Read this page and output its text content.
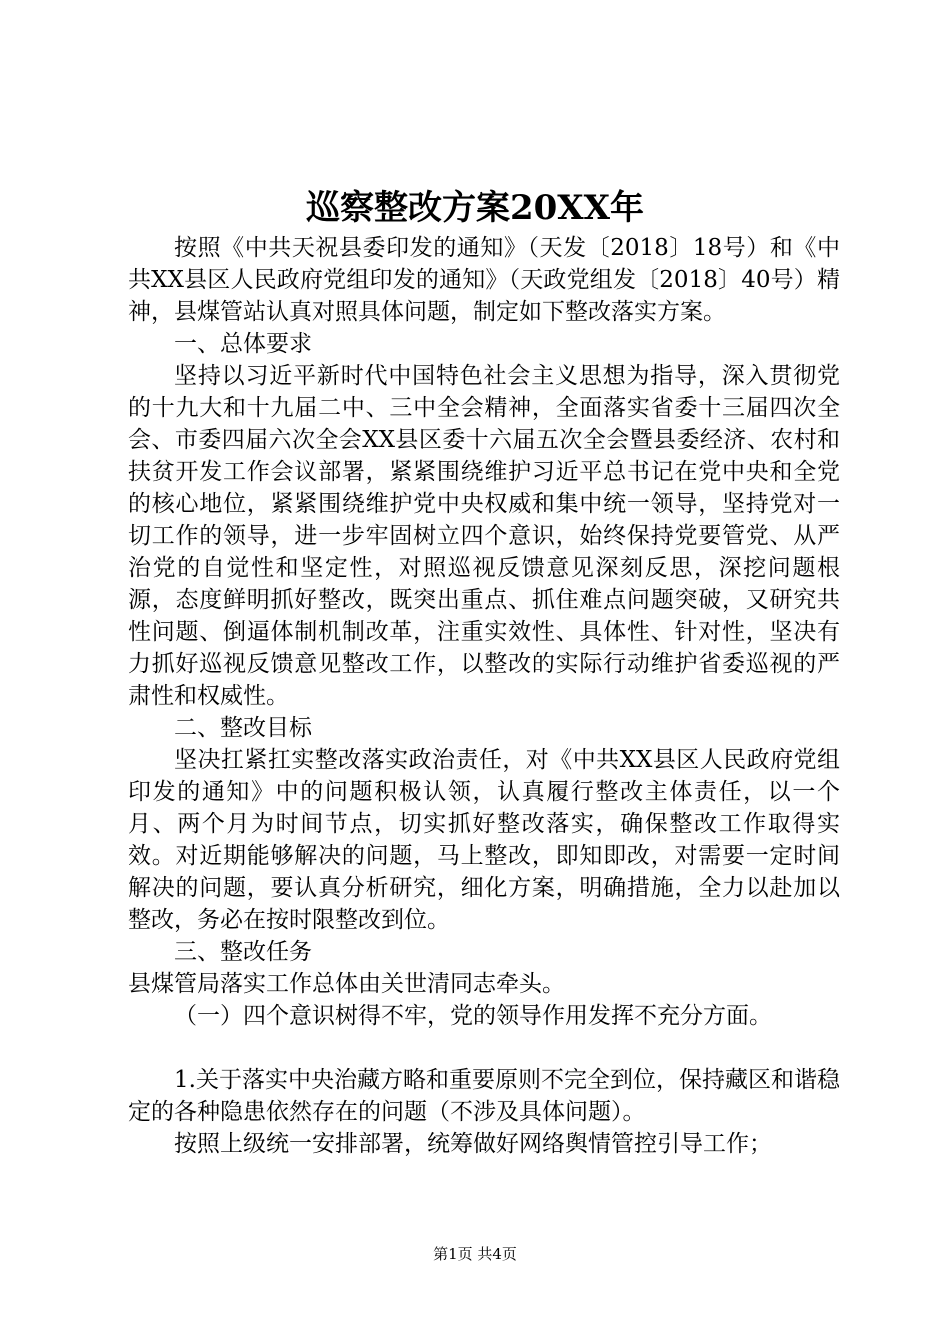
巡察整改方案20XX年

按照《中共天祝县委印发的通知》（天发〔2018〕18号）和《中共XX县区人民政府党组印发的通知》（天政党组发〔2018〕40号）精神，县煤管站认真对照具体问题，制定如下整改落实方案。

一、总体要求

坚持以习近平新时代中国特色社会主义思想为指导，深入贯彻党的十九大和十九届二中、三中全会精神，全面落实省委十三届四次全会、市委四届六次全会XX县区委十六届五次全会暨县委经济、农村和扶贫开发工作会议部署，紧紧围绕维护习近平总书记在党中央和全党的核心地位，紧紧围绕维护党中央权威和集中统一领导，坚持党对一切工作的领导，进一步牢固树立四个意识，始终保持党要管党、从严治党的自觉性和坚定性，对照巡视反馈意见深刻反思，深挖问题根源，态度鲜明抓好整改，既突出重点、抓住难点问题突破，又研究共性问题、倒逼体制机制改革，注重实效性、具体性、针对性，坚决有力抓好巡视反馈意见整改工作，以整改的实际行动维护省委巡视的严肃性和权威性。

二、整改目标

坚决扛紧扛实整改落实政治责任，对《中共XX县区人民政府党组印发的通知》中的问题积极认领，认真履行整改主体责任，以一个月、两个月为时间节点，切实抓好整改落实，确保整改工作取得实效。对近期能够解决的问题，马上整改，即知即改，对需要一定时间解决的问题，要认真分析研究，细化方案，明确措施，全力以赴加以整改，务必在按时限整改到位。

三、整改任务

县煤管局落实工作总体由关世清同志牵头。

（一）四个意识树得不牢，党的领导作用发挥不充分方面。

1.关于落实中央治藏方略和重要原则不完全到位，保持藏区和谐稳定的各种隐患依然存在的问题（不涉及具体问题）。

按照上级统一安排部署，统筹做好网络舆情管控引导工作；

第1页 共4页
